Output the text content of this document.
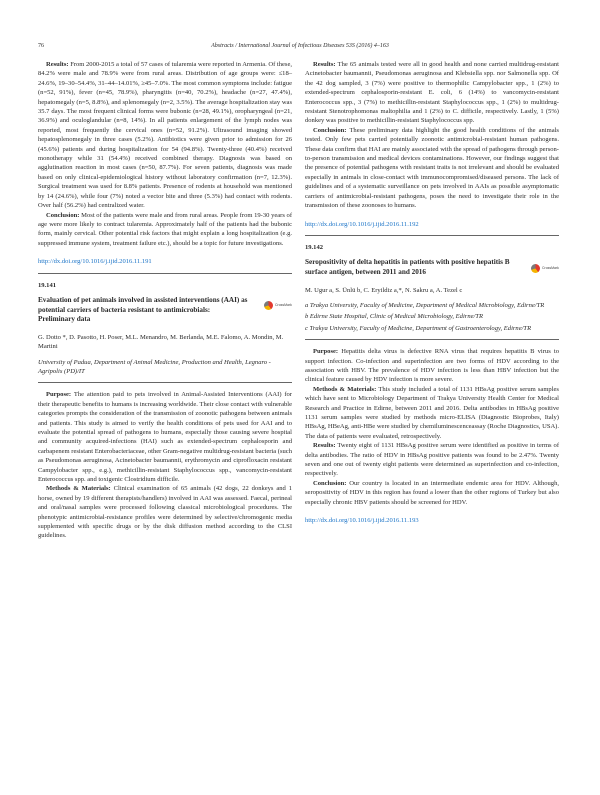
76	Abstracts / International Journal of Infectious Diseases 53S (2016) 4–163

Results: From 2000-2015 a total of 57 cases of tularemia were reported in Armenia. Of these, 84.2% were male and 78.9% were from rural areas. Distribution of age groups were: ≤18–24.6%, 19–30–54.4%, 31–44–14.01%, ≥45–7.0%. The most common symptoms include: fatigue (n=52, 91%), fever (n=45, 78.9%), pharyngitis (n=40, 70.2%), headache (n=27, 47.4%), hepatomegaly (n=5, 8.8%), and splenomegaly (n=2, 3.5%). The average hospitalization stay was 35.7 days. The most frequent clinical forms were bubonic (n=28, 49.1%), oropharyngeal (n=21, 36.9%) and oculoglandular (n=8, 14%). In all patients enlargement of the lymph nodes was reported, most frequently the cervical ones (n=52, 91.2%). Ultrasound imaging showed hepatosplenomegaly in three cases (5.2%). Antibiotics were given prior to admission for 26 (45.6%) patients and during hospitalization for 54 (94.8%). Twenty-three (40.4%) received monotherapy while 31 (54.4%) received combined therapy. Diagnosis was based on agglutination reaction in most cases (n=50, 87.7%). For seven patients, diagnosis was made based on only clinical-epidemiological history without laboratory confirmation (n=7, 12.3%). Surgical treatment was used for 8.8% patients. Presence of rodents at household was mentioned by 14 (24.6%), while four (7%) noted a vector bite and three (5.3%) had contact with rodents. Over half (56.2%) had centralized water.

Conclusion: Most of the patients were male and from rural areas. People from 19-30 years of age were more likely to contract tularemia. Approximately half of the patients had the bubonic form, mainly cervical. Other potential risk factors that might explain a long hospitalization (e.g. suppressed immune system, treatment failure etc.), should be a topic for future investigations.

http://dx.doi.org/10.1016/j.ijid.2016.11.191
19.141
Evaluation of pet animals involved in assisted interventions (AAI) as potential carriers of bacteria resistant to antimicrobials: Preliminary data
CrossMark
G. Dotto *, D. Pasotto, H. Poser, M.L. Menandro, M. Berlanda, M.E. Falomo, A. Mondin, M. Martini
University of Padua, Department of Animal Medicine, Production and Health, Legnaro - Agripolis (PD)/IT

Purpose: The attention paid to pets involved in Animal-Assisted Interventions (AAI) for their therapeutic benefits to humans is increasing worldwide. Their close contact with vulnerable categories prompts the consideration of the transmission of zoonotic pathogens between animals and patients. This study is aimed to verify the health conditions of pets used for AAI and to evaluate the potential spread of pathogens to humans, especially those causing severe hospital and community acquired-infections (HAI) such as extended-spectrum cephalosporin and carbapenem resistant Enterobacteriaceae, other Gram-negative multidrug-resistant bacteria (such as Pseudomonas aeruginosa, Acinetobacter baumannii, erythromycin and ciprofloxacin resistant Campylobacter spp., e.g.), methicillin-resistant Staphylococcus spp., vancomycin-resistant Enterococcus spp. and toxigenic Clostridium difficile.

Methods & Materials: Clinical examination of 65 animals (42 dogs, 22 donkeys and 1 horse, owned by 19 different therapists/handlers) involved in AAI was assessed. Faecal, perineal and oral/nasal samples were processed following classical microbiological procedures. The phenotypic antimicrobial-resistance profiles were determined by selective/chromogenic media supplemented with specific drugs or by the disk diffusion method according to the CLSI guidelines.

Results: The 65 animals tested were all in good health and none carried multidrug-resistant Acinetobacter baumannii, Pseudomonas aeruginosa and Klebsiella spp. nor Salmonella spp. Of the 42 dog sampled, 3 (7%) were positive to thermophilic Campylobacter spp., 1 (2%) to extended-spectrum cephalosporin-resistant E. coli, 6 (14%) to vancomycin-resistant Enterococcus spp., 3 (7%) to methicillin-resistant Staphylococcus spp., 1 (2%) to multidrug-resistant Stenotrophomonas maltophilia and 1 (2%) to C. difficile, respectively. Lastly, 1 (5%) donkey was positive to methicillin-resistant Staphylococcus spp.

Conclusion: These preliminary data highlight the good health conditions of the animals tested. Only few pets carried potentially zoonotic antimicrobial-resistant human pathogens. These data confirm that HAI are mainly associated with the spread of pathogens through person-to-person transmission and medical devices contaminations. However, our findings suggest that the presence of potential pathogens with resistant traits is not irrelevant and should be evaluated especially in animals in close-contact with immunocompromised/diseased persons. The lack of guidelines and of a systematic surveillance on pets involved in AAIs as possible asymptomatic carriers of antimicrobial-resistant pathogens, poses the need to investigate their role in the transmission of these zoonoses to humans.

http://dx.doi.org/10.1016/j.ijid.2016.11.192
19.142
Seropositivity of delta hepatitis in patients with positive hepatitis B surface antigen, between 2011 and 2016
CrossMark
M. Ugur a, S. Ünlü b, C. Eryildiz a,*, N. Sakru a, A. Tezel c
a Trakya University, Faculty of Medicine, Department of Medical Microbiology, Edirne/TR
b Edirne State Hospital, Clinic of Medical Microbiology, Edirne/TR
c Trakya University, Faculty of Medicine, Department of Gastroenterology, Edirne/TR

Purpose: Hepatitis delta virus is defective RNA virus that requires hepatitis B virus to support infection. Co-infection and superinfection are two forms of HDV according to the association with HBV. The prevalence of HDV infection is less than HBV infection but the clinical feature caused by HDV infection is more severe.

Methods & Materials: This study included a total of 1131 HBsAg positive serum samples which have sent to Microbiology Department of Trakya University Health Center for Medical Research and Practice in Edirne, between 2011 and 2016. Delta antibodies in HBsAg positive 1131 serum samples were studied by methods micro-ELISA (Diagnostic Bioprobes, Italy) HBsAg, HBeAg, anti-HBe were studied by chemiluminescenceassay (Roche Diagnostics, USA). The data of patients were evaluated, retrospectively.

Results: Twenty eight of 1131 HBsAg positive serum were identified as positive in terms of delta antibodies. The ratio of HDV in HBsAg positive patients was found to be 2.47%. Twenty seven and one out of twenty eight patients were determined as superinfection and co-infection, respectively.

Conclusion: Our country is located in an intermediate endemic area for HDV. Although, seropositivity of HDV in this region has found a lower than the other regions of Turkey but also especially chronic HBV patients should be screened for HDV.

http://dx.doi.org/10.1016/j.ijid.2016.11.193
